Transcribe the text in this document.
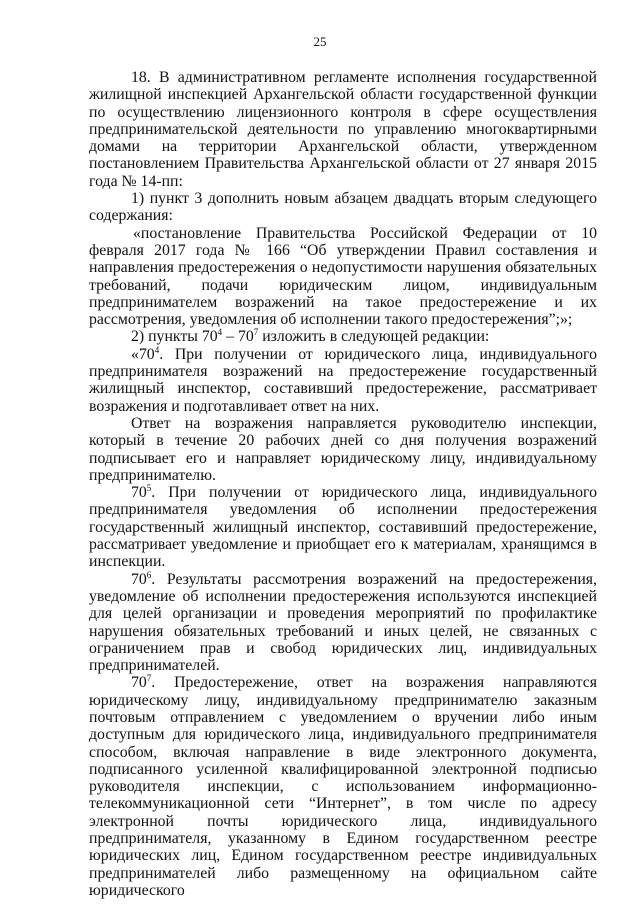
25

18. В административном регламенте исполнения государственной жилищной инспекцией Архангельской области государственной функции по осуществлению лицензионного контроля в сфере осуществления предпринимательской деятельности по управлению многоквартирными домами на территории Архангельской области, утвержденном постановлением Правительства Архангельской области от 27 января 2015 года № 14-пп:

1) пункт 3 дополнить новым абзацем двадцать вторым следующего содержания:

«постановление Правительства Российской Федерации от 10 февраля 2017 года № 166 “Об утверждении Правил составления и направления предостережения о недопустимости нарушения обязательных требований, подачи юридическим лицом, индивидуальным предпринимателем возражений на такое предостережение и их рассмотрения, уведомления об исполнении такого предостережения”;»;

2) пункты $70^4 - 70^7$ изложить в следующей редакции:

«$70^4$. При получении от юридического лица, индивидуального предпринимателя возражений на предостережение государственный жилищный инспектор, составивший предостережение, рассматривает возражения и подготавливает ответ на них.

Ответ на возражения направляется руководителю инспекции, который в течение 20 рабочих дней со дня получения возражений подписывает его и направляет юридическому лицу, индивидуальному предпринимателю.

$70^5$. При получении от юридического лица, индивидуального предпринимателя уведомления об исполнении предостережения государственный жилищный инспектор, составивший предостережение, рассматривает уведомление и приобщает его к материалам, хранящимся в инспекции.

$70^6$. Результаты рассмотрения возражений на предостережения, уведомление об исполнении предостережения используются инспекцией для целей организации и проведения мероприятий по профилактике нарушения обязательных требований и иных целей, не связанных с ограничением прав и свобод юридических лиц, индивидуальных предпринимателей.

$70^7$. Предостережение, ответ на возражения направляются юридическому лицу, индивидуальному предпринимателю заказным почтовым отправлением с уведомлением о вручении либо иным доступным для юридического лица, индивидуального предпринимателя способом, включая направление в виде электронного документа, подписанного усиленной квалифицированной электронной подписью руководителя инспекции, с использованием информационно-телекоммуникационной сети “Интернет”, в том числе по адресу электронной почты юридического лица, индивидуального предпринимателя, указанному в Едином государственном реестре юридических лиц, Едином государственном реестре индивидуальных предпринимателей либо размещенному на официальном сайте юридического
